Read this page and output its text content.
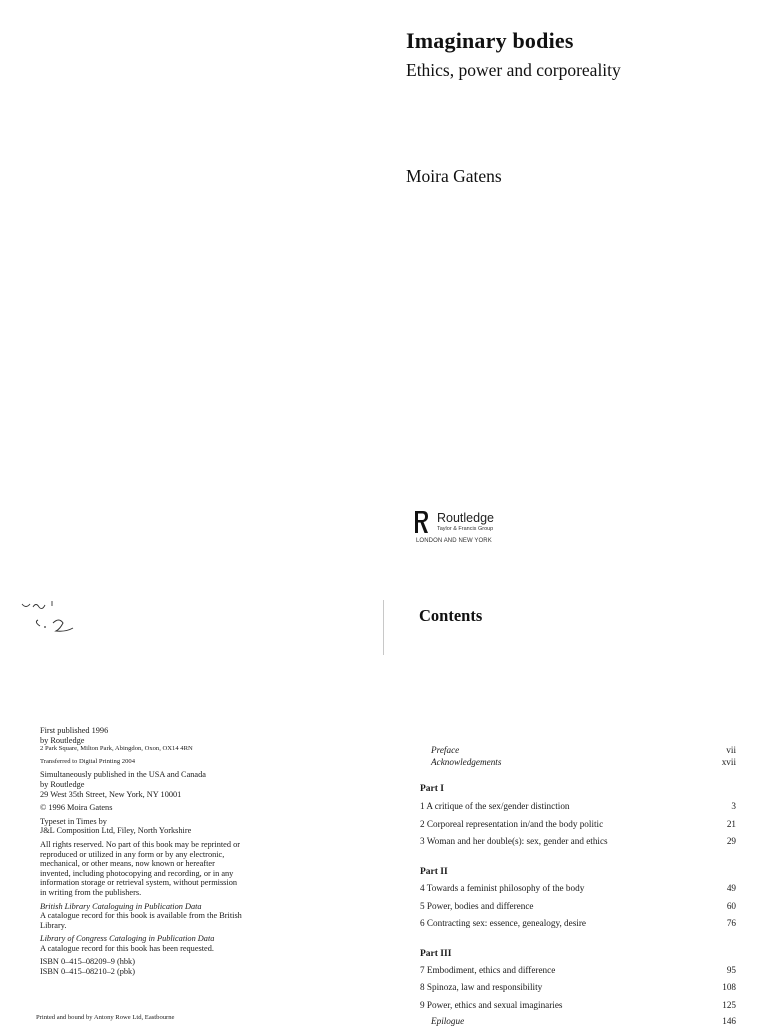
Imaginary bodies
Ethics, power and corporeality
Moira Gatens
Routledge
Taylor & Francis Group
LONDON AND NEW YORK

First published 1996

by Routledge

2 Park Square, Milton Park, Abingdon, Oxon, OX14 4RN

Transferred to Digital Printing 2004

Simultaneously published in the USA and Canada

by Routledge

29 West 35th Street, New York, NY 10001

© 1996 Moira Gatens

Typeset in Times by

J&L Composition Ltd, Filey, North Yorkshire

All rights reserved. No part of this book may be reprinted or

reproduced or utilized in any form or by any electronic,

mechanical, or other means, now known or hereafter

invented, including photocopying and recording, or in any

information storage or retrieval system, without permission

in writing from the publishers.

British Library Cataloguing in Publication Data

A catalogue record for this book is available from the British

Library.

Library of Congress Cataloging in Publication Data

A catalogue record for this book has been requested.

ISBN 0–415–08209–9 (hbk)

ISBN 0–415–08210–2 (pbk)

Printed and bound by Antony Rowe Ltd, Eastbourne
Contents
Preface	vii
Acknowledgements	xvii
Part I
1 A critique of the sex/gender distinction	3
2 Corporeal representation in/and the body politic	21
3 Woman and her double(s): sex, gender and ethics	29
Part II
4 Towards a feminist philosophy of the body	49
5 Power, bodies and difference	60
6 Contracting sex: essence, genealogy, desire	76
Part III
7 Embodiment, ethics and difference	95
8 Spinoza, law and responsibility	108
9 Power, ethics and sexual imaginaries	125
Epilogue	146
